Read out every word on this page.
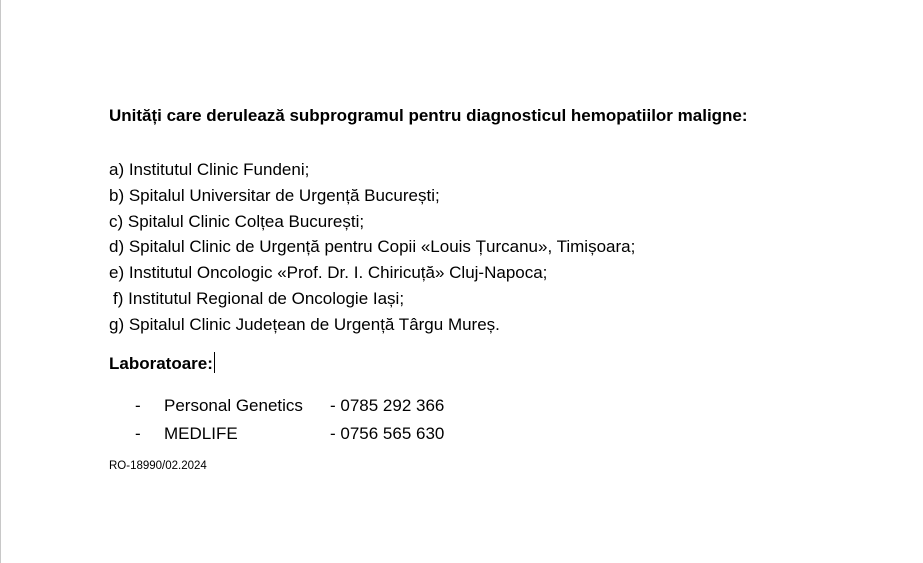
Unități care derulează subprogramul pentru diagnosticul hemopatiilor maligne:
a) Institutul Clinic Fundeni;
b) Spitalul Universitar de Urgență București;
c) Spitalul Clinic Colțea București;
d) Spitalul Clinic de Urgență pentru Copii «Louis Țurcanu», Timișoara;
e) Institutul Oncologic «Prof. Dr. I. Chiricuță» Cluj-Napoca;
f) Institutul Regional de Oncologie Iași;
g) Spitalul Clinic Județean de Urgență Târgu Mureș.
Laboratoare:
-	Personal Genetics	- 0785 292 366
-	MEDLIFE	- 0756 565 630
RO-18990/02.2024
